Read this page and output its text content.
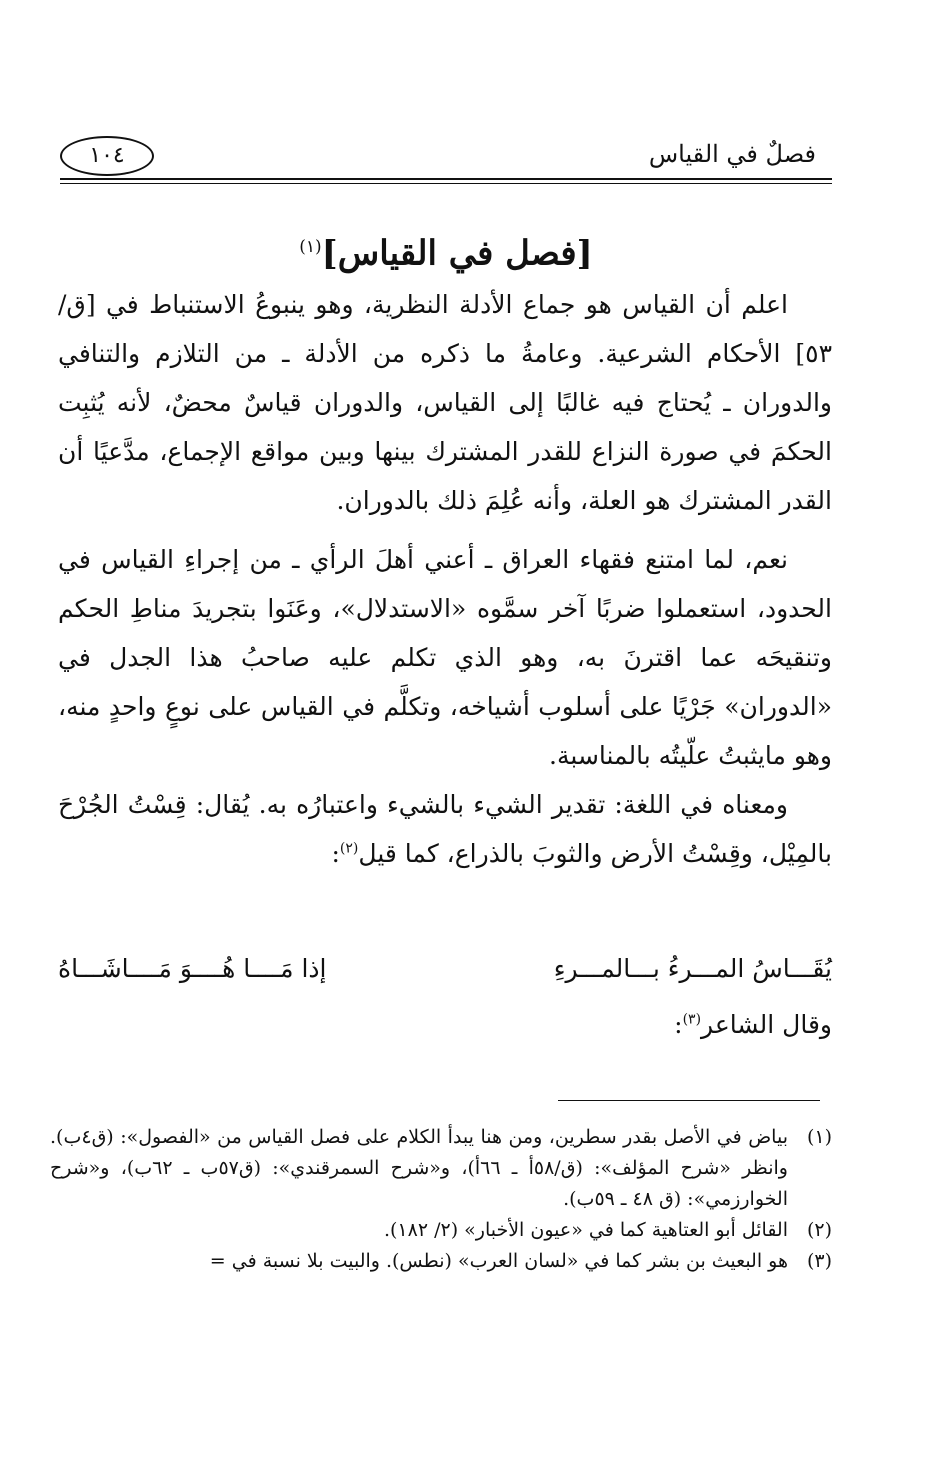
١٠٤	فصلٌ في القياس
[فصل في القياس]$^{(١)}$

اعلم أن القياس هو جماع الأدلة النظرية، وهو ينبوعُ الاستنباط في [ق/٥٣] الأحكام الشرعية. وعامةُ ما ذكره من الأدلة ـ من التلازم والتنافي والدوران ـ يُحتاج فيه غالبًا إلى القياس، والدوران قياسٌ محضٌ، لأنه يُثبِت الحكمَ في صورة النزاع للقدر المشترك بينها وبين مواقع الإجماع، مدَّعيًا أن القدر المشترك هو العلة، وأنه عُلِمَ ذلك بالدوران.

نعم، لما امتنع فقهاء العراق ـ أعني أهلَ الرأي ـ من إجراءِ القياس في الحدود، استعملوا ضربًا آخر سمَّوه «الاستدلال»، وعَنَوا بتجريدَ مناطِ الحكم وتنقيحَه عما اقترنَ به، وهو الذي تكلم عليه صاحبُ هذا الجدل في «الدوران» جَرْيًا على أسلوب أشياخه، وتكلَّم في القياس على نوعٍ واحدٍ منه، وهو مايثبتُ علّيتُه بالمناسبة.

ومعناه في اللغة: تقدير الشيء بالشيء واعتبارُه به. يُقال: قِسْتُ الجُرْحَ بالمِيْل، وقِسْتُ الأرض والثوبَ بالذراع، كما قيل$^{(٢)}$:

يُقَـــاسُ المـــرءُ بـــالمـــرءِ
إذا مَــــا هُــــوَ مَــــاشَـــاهُ
وقال الشاعر$^{(٣)}$:

(١)
بياض في الأصل بقدر سطرين، ومن هنا يبدأ الكلام على فصل القياس من «الفصول»: (ق٤ب). وانظر «شرح المؤلف»: (ق/٥٨أ ـ ٦٦أ)، و«شرح السمرقندي»: (ق٥٧ب ـ ٦٢ب)، و«شرح الخوارزمي»: (ق ٤٨ ـ ٥٩ب).

(٢)
القائل أبو العتاهية كما في «عيون الأخبار» (٢/ ١٨٢).

(٣)
هو البعيث بن بشر كما في «لسان العرب» (نطس). والبيت بلا نسبة في =
